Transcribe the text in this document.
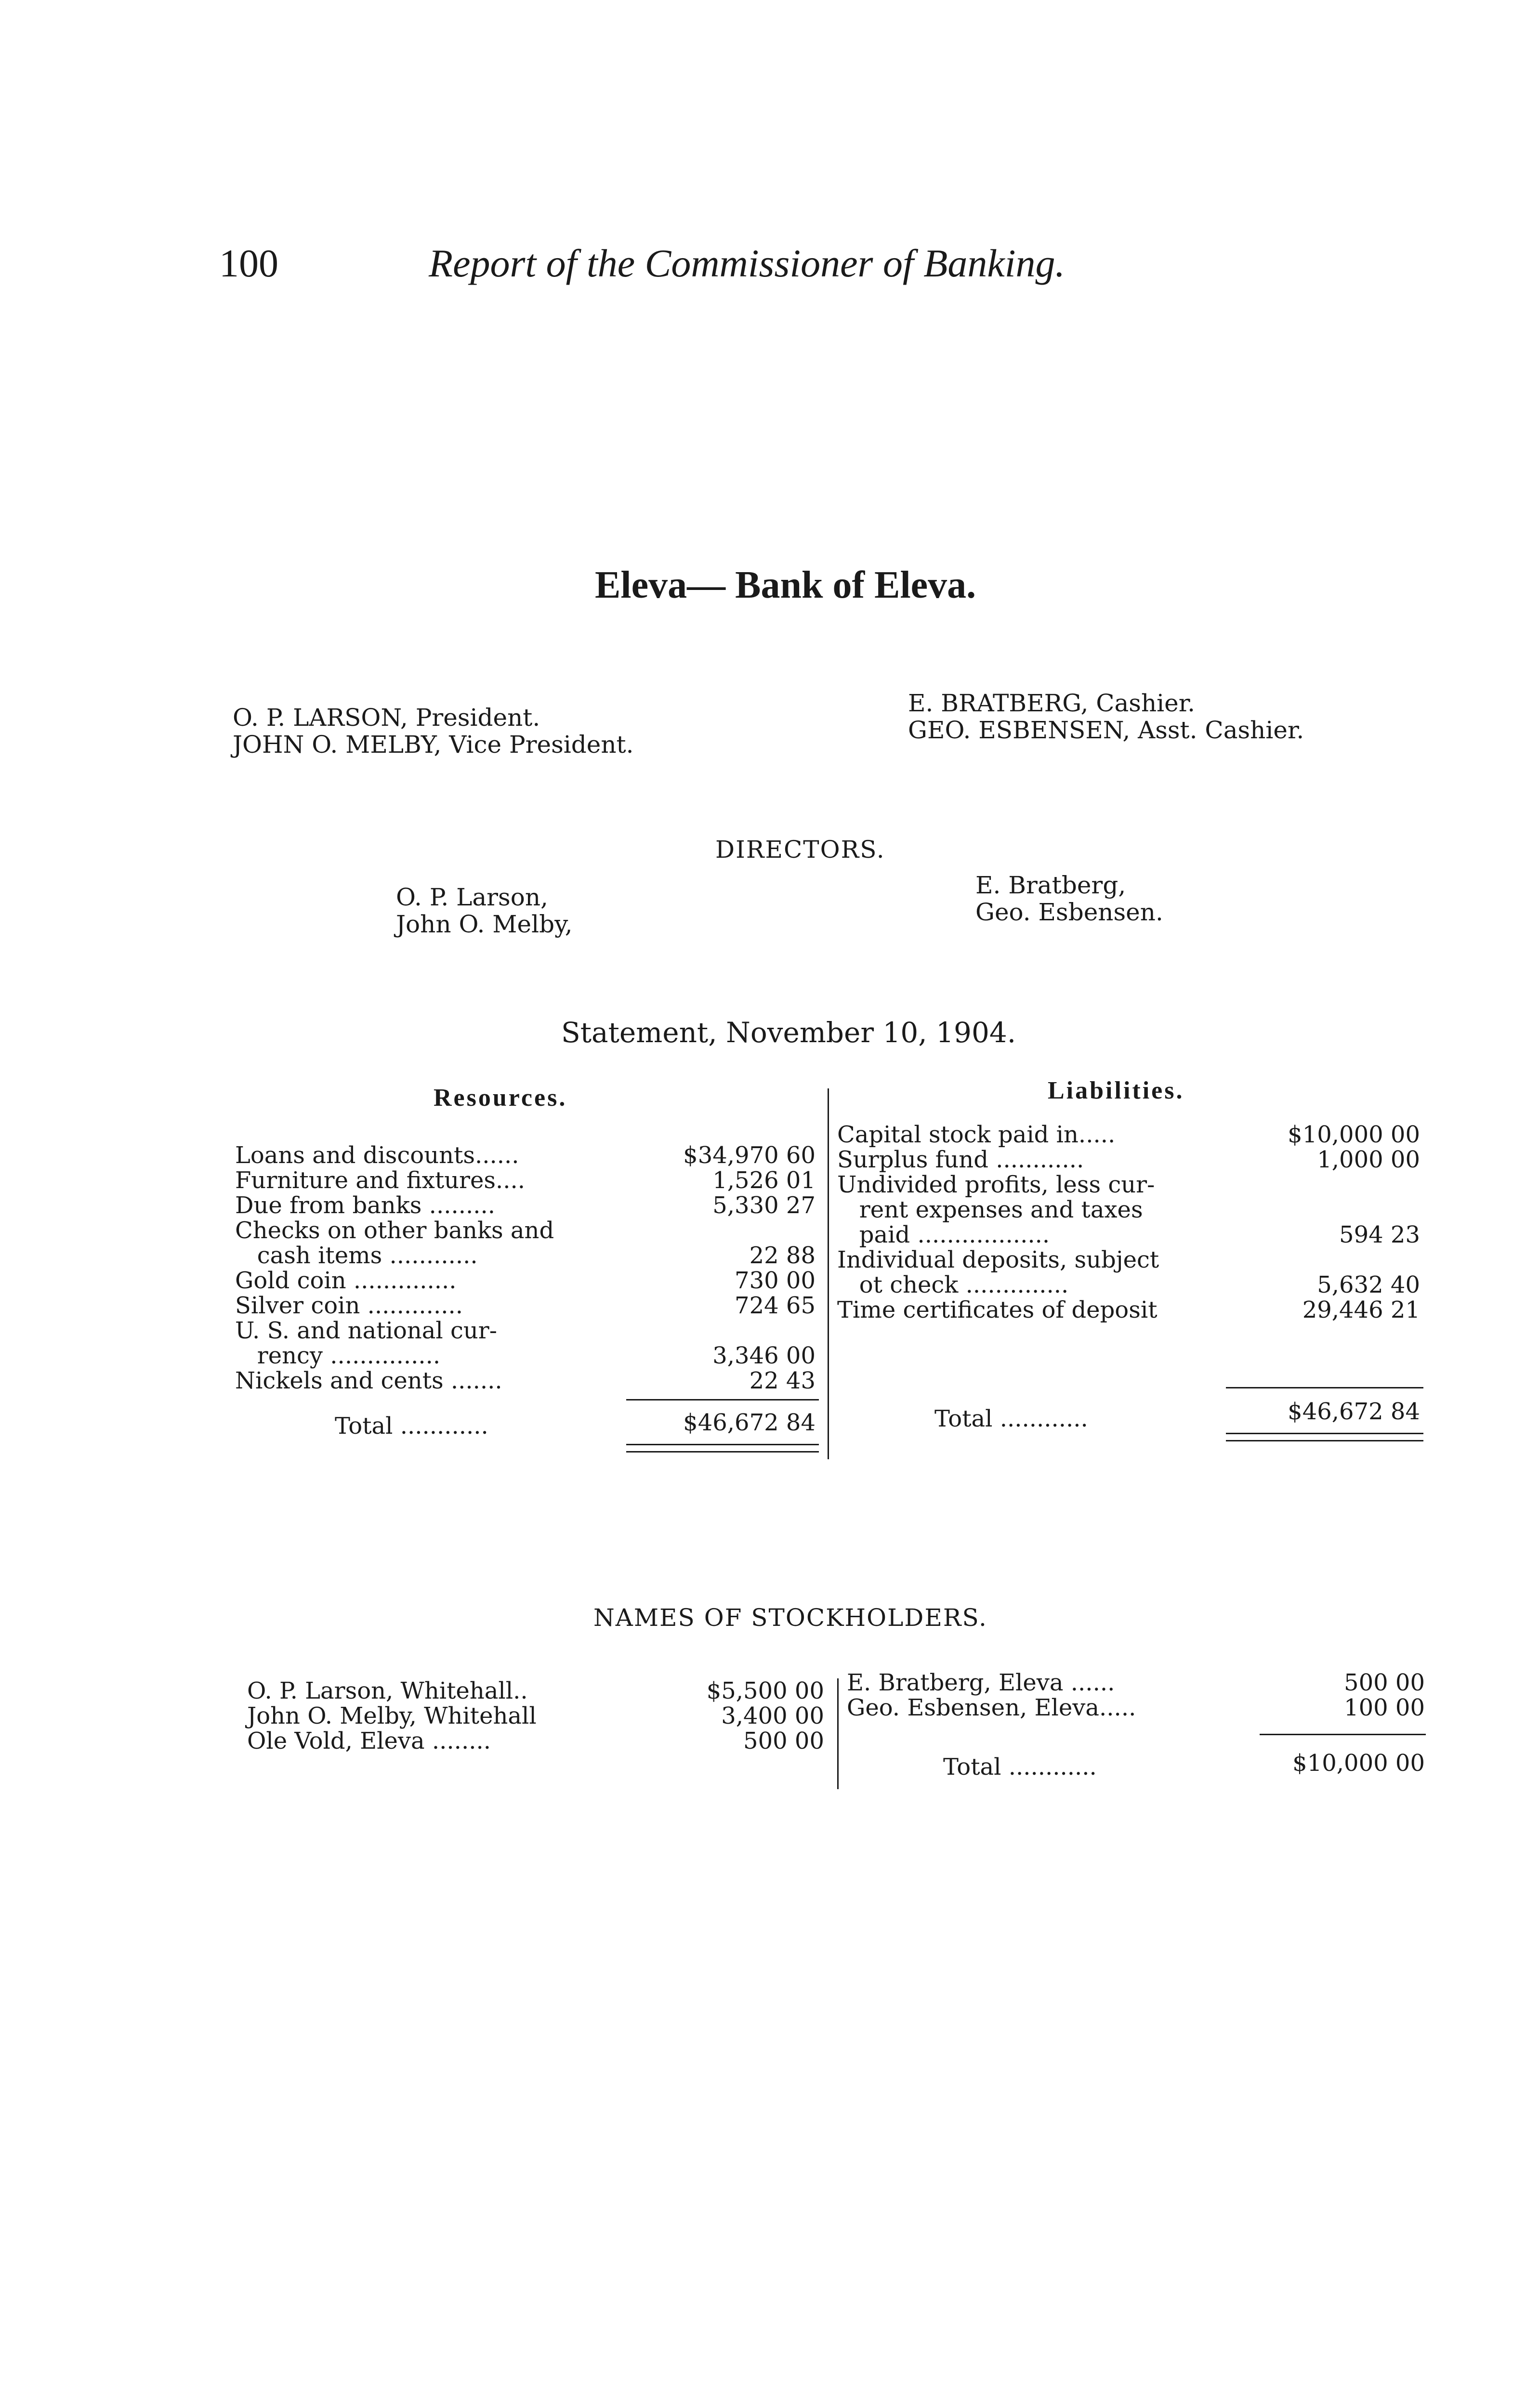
100	Report of the Commissioner of Banking.
Eleva— Bank of Eleva.
O. P. LARSON, President.
JOHN O. MELBY, Vice President.
E. BRATBERG, Cashier.
GEO. ESBENSEN, Asst. Cashier.
DIRECTORS.
O. P. Larson,
John O. Melby,
E. Bratberg,
Geo. Esbensen.
Statement, November 10, 1904.
Resources.
Loans and discounts......	$34,970 60
Furniture and fixtures....	1,526 01
Due from banks .........	5,330 27
Checks on other banks and
cash items ............	22 88
Gold coin ..............	730 00
Silver coin .............	724 65
U. S. and national cur-
rency ...............	3,346 00
Nickels and cents .......	22 43
Total ............	$46,672 84
Liabilities.
Capital stock paid in.....	$10,000 00
Surplus fund ............	1,000 00
Undivided profits, less cur-
rent expenses and taxes
paid ..................	594 23
Individual deposits, subject
ot check ..............	5,632 40
Time certificates of deposit	29,446 21
Total ............	$46,672 84
NAMES OF STOCKHOLDERS.
O. P. Larson, Whitehall..	$5,500 00
John O. Melby, Whitehall	3,400 00
Ole Vold, Eleva ........	500 00
E. Bratberg, Eleva ......	500 00
Geo. Esbensen, Eleva.....	100 00
Total ............	$10,000 00
